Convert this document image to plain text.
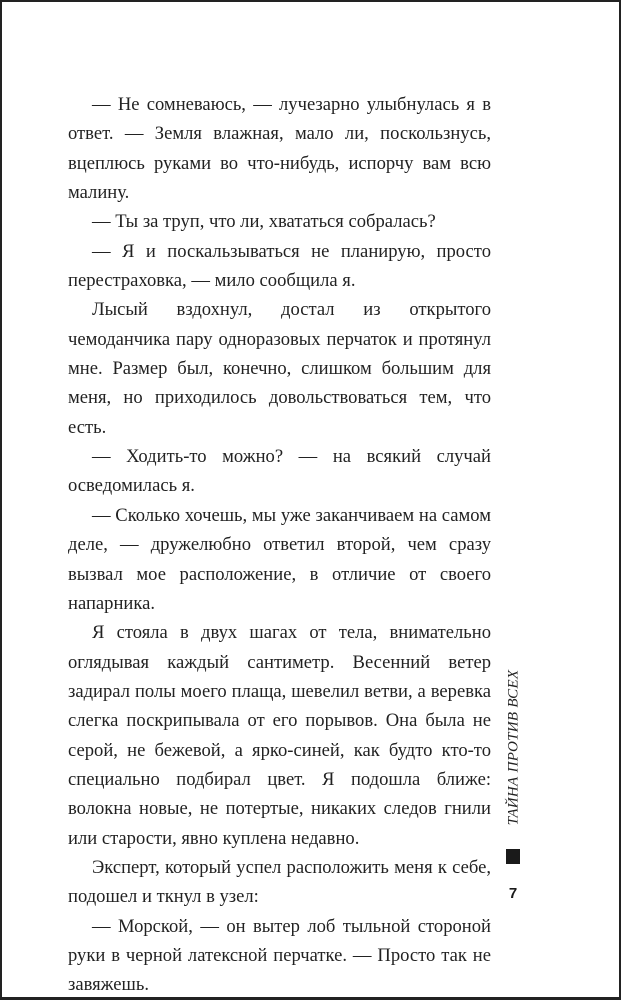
— Не сомневаюсь, — лучезарно улыбнулась я в ответ. — Земля влажная, мало ли, поскользнусь, вцеплюсь руками во что-нибудь, испорчу вам всю малину.

— Ты за труп, что ли, хвататься собралась?

— Я и поскальзываться не планирую, просто перестраховка, — мило сообщила я.

Лысый вздохнул, достал из открытого чемоданчика пару одноразовых перчаток и протянул мне. Размер был, конечно, слишком большим для меня, но приходилось довольствоваться тем, что есть.

— Ходить-то можно? — на всякий случай осведомилась я.

— Сколько хочешь, мы уже заканчиваем на самом деле, — дружелюбно ответил второй, чем сразу вызвал мое расположение, в отличие от своего напарника.

Я стояла в двух шагах от тела, внимательно оглядывая каждый сантиметр. Весенний ветер задирал полы моего плаща, шевелил ветви, а веревка слегка поскрипывала от его порывов. Она была не серой, не бежевой, а ярко-синей, как будто кто-то специально подбирал цвет. Я подошла ближе: волокна новые, не потертые, никаких следов гнили или старости, явно куплена недавно.

Эксперт, который успел расположить меня к себе, подошел и ткнул в узел:

— Морской, — он вытер лоб тыльной стороной руки в черной латексной перчатке. — Просто так не завяжешь.

ТАЙНА ПРОТИВ ВСЕХ
7
